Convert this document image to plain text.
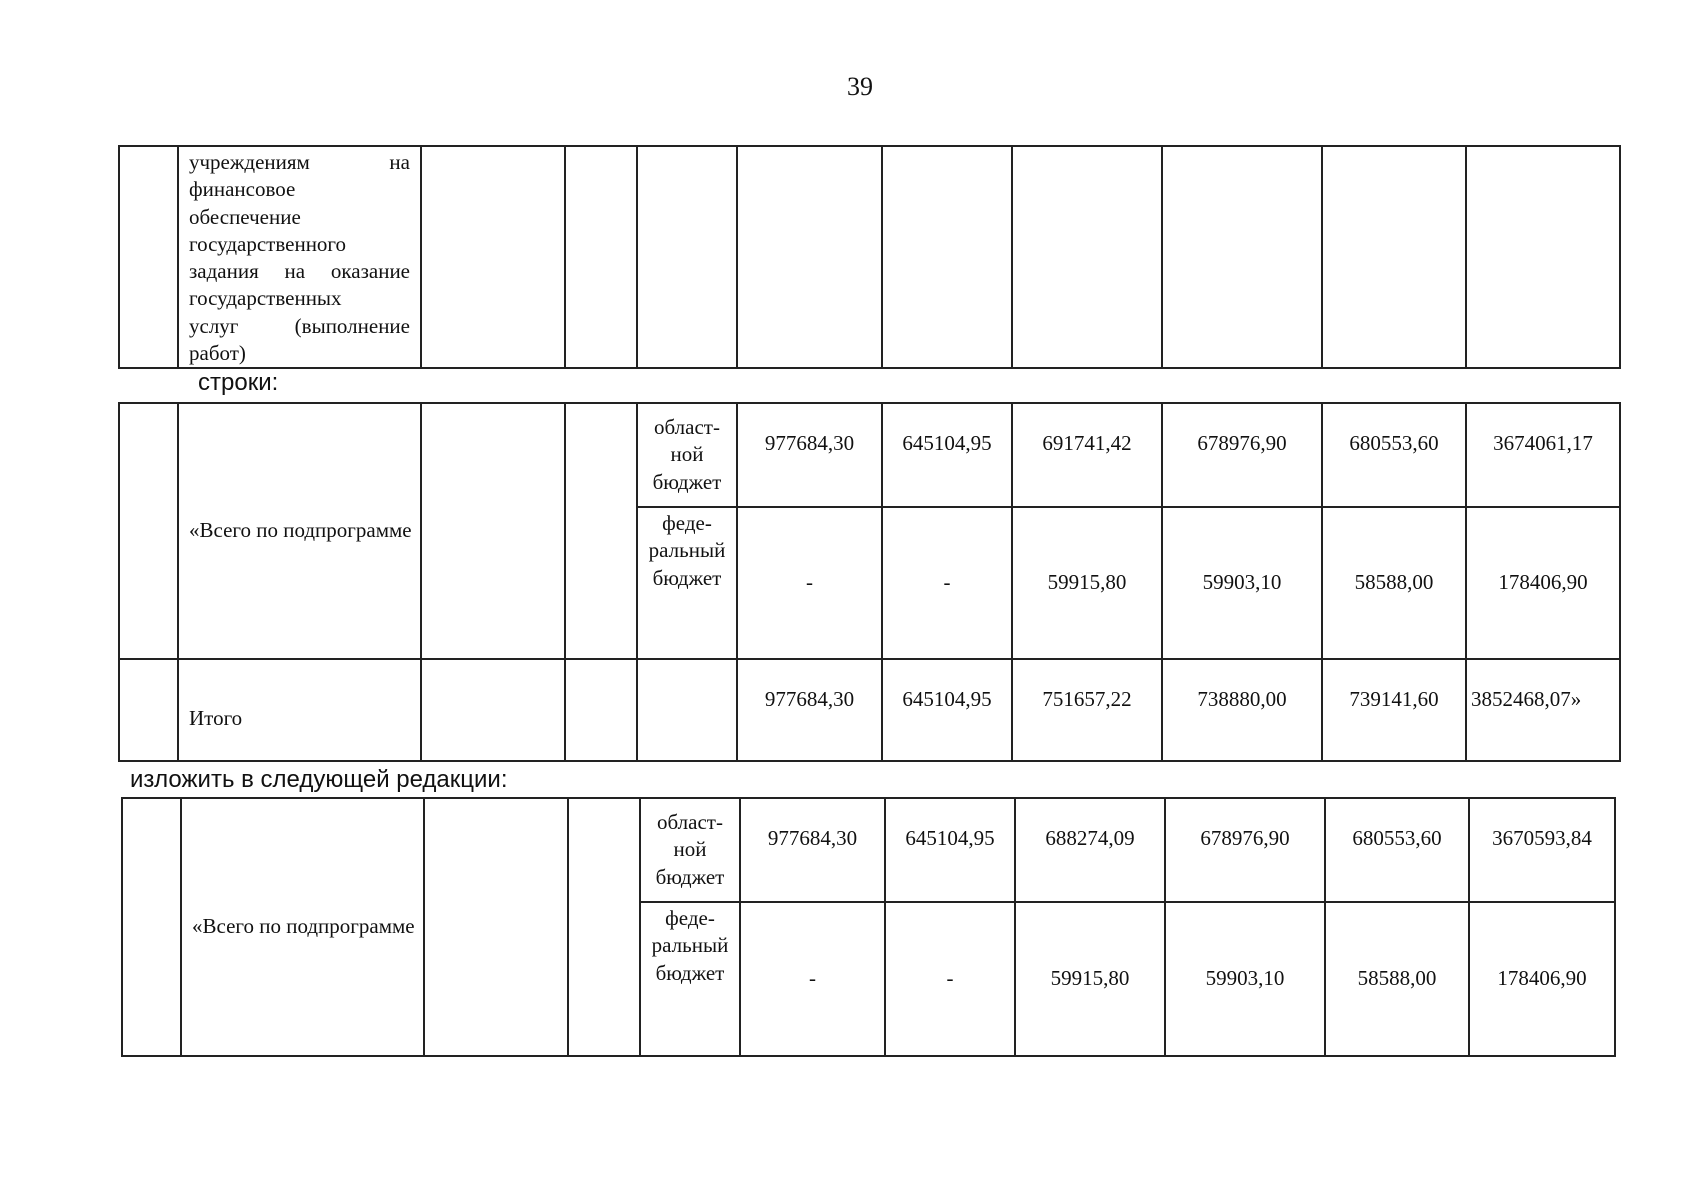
39

учреждениям на
финансовое
обеспечение
государственного
задания на оказание
государственных
услуг (выполнение
работ)

строки:
	«Всего по подпрограмме			област-ной бюджет	977684,30	645104,95	691741,42	678976,90	680553,60	3674061,17
				феде-ральный бюджет	-	-	59915,80	59903,10	58588,00	178406,90
	Итого				977684,30	645104,95	751657,22	738880,00	739141,60	3852468,07»
изложить в следующей редакции:
	«Всего по подпрограмме			област-ной бюджет	977684,30	645104,95	688274,09	678976,90	680553,60	3670593,84
				феде-ральный бюджет	-	-	59915,80	59903,10	58588,00	178406,90
